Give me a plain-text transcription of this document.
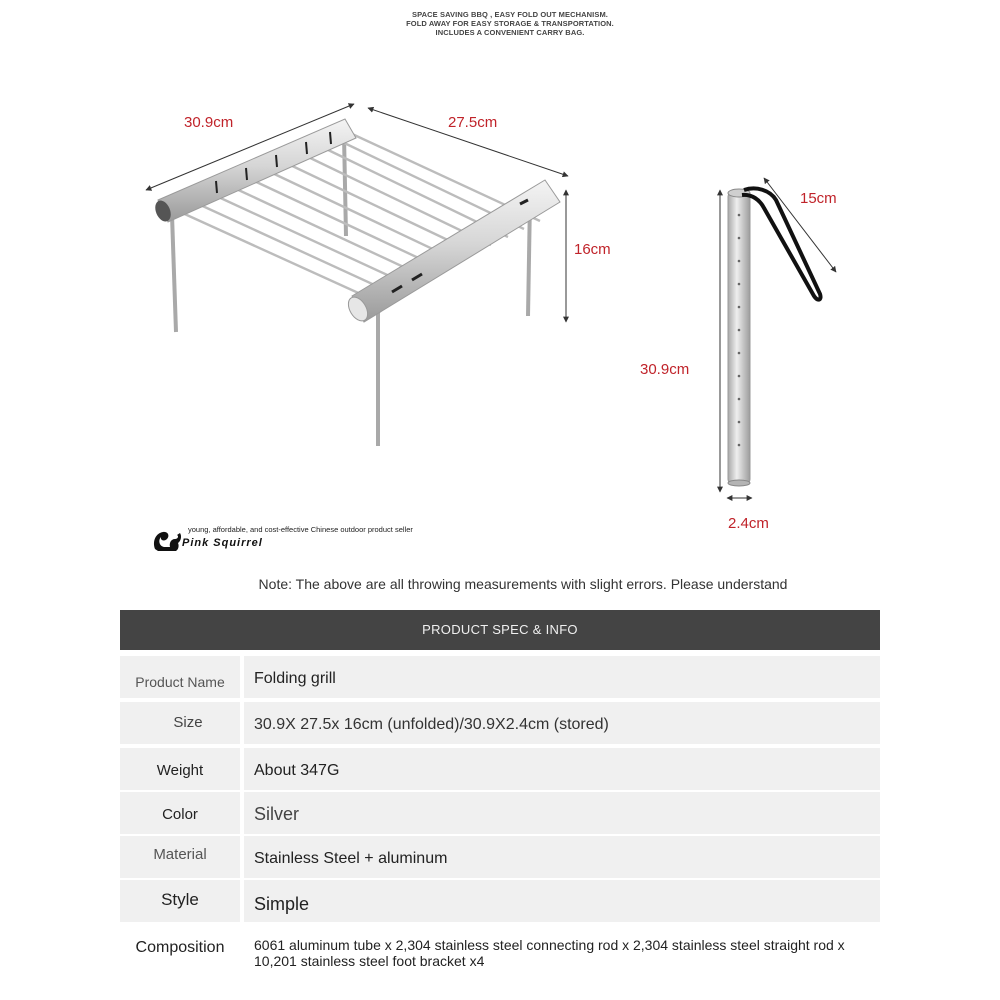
SPACE SAVING BBQ , EASY FOLD OUT MECHANISM.
FOLD AWAY FOR EASY STORAGE & TRANSPORTATION.
INCLUDES A CONVENIENT CARRY BAG.
30.9cm	27.5cm
16cm
15cm
30.9cm
2.4cm
young, affordable, and cost-effective Chinese outdoor product seller
Pink Squirrel
Note: The above are all throwing measurements with slight errors. Please understand
PRODUCT SPEC & INFO
Product Name	Folding grill
Size	30.9X 27.5x 16cm (unfolded)/30.9X2.4cm (stored)
Weight	About 347G
Color	Silver
Material	Stainless Steel + aluminum
Style	Simple
Composition	6061 aluminum tube x 2,304 stainless steel connecting rod x 2,304 stainless steel straight rod x 10,201 stainless steel foot bracket x4
